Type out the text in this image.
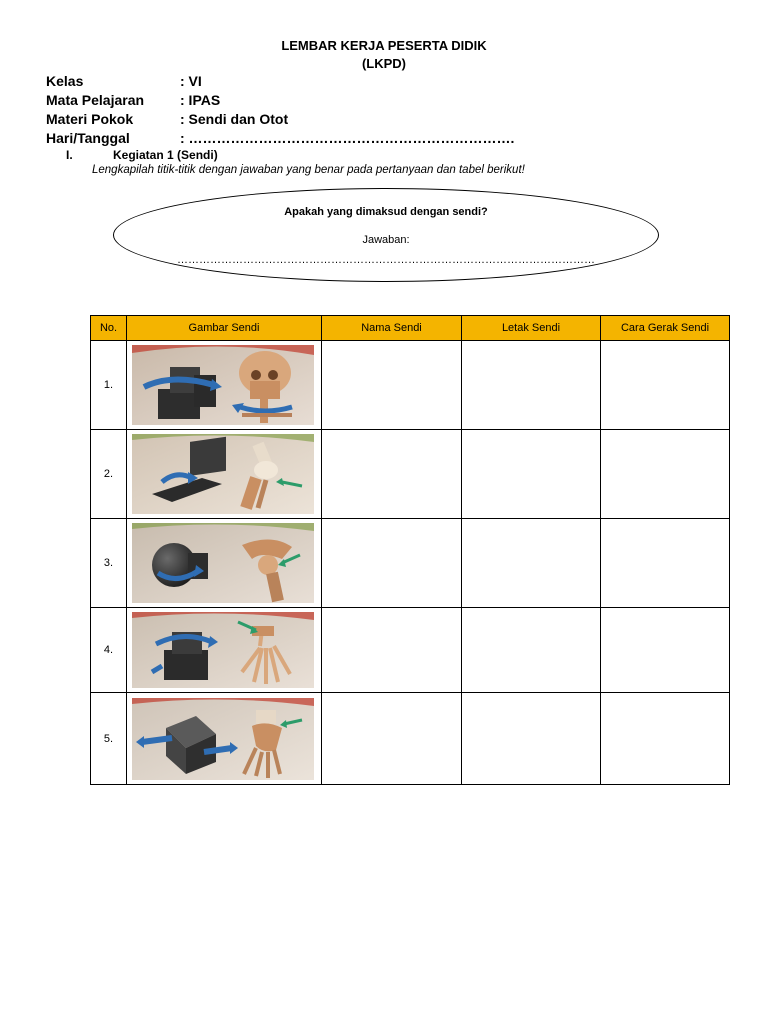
LEMBAR KERJA PESERTA DIDIK
(LKPD)
Kelas	: VI
Mata Pelajaran	: IPAS
Materi Pokok	: Sendi dan Otot
Hari/Tanggal	: …………………………………………………………….
I.	Kegiatan 1 (Sendi)
Lengkapilah titik-titik dengan jawaban yang benar pada pertanyaan dan tabel berikut!
Apakah yang dimaksud dengan sendi?
Jawaban:
……………………………………………………………………………………………………
No.	Gambar Sendi	Nama Sendi	Letak Sendi	Cara Gerak Sendi
1.	

2.	

3.	

4.	

5.	
